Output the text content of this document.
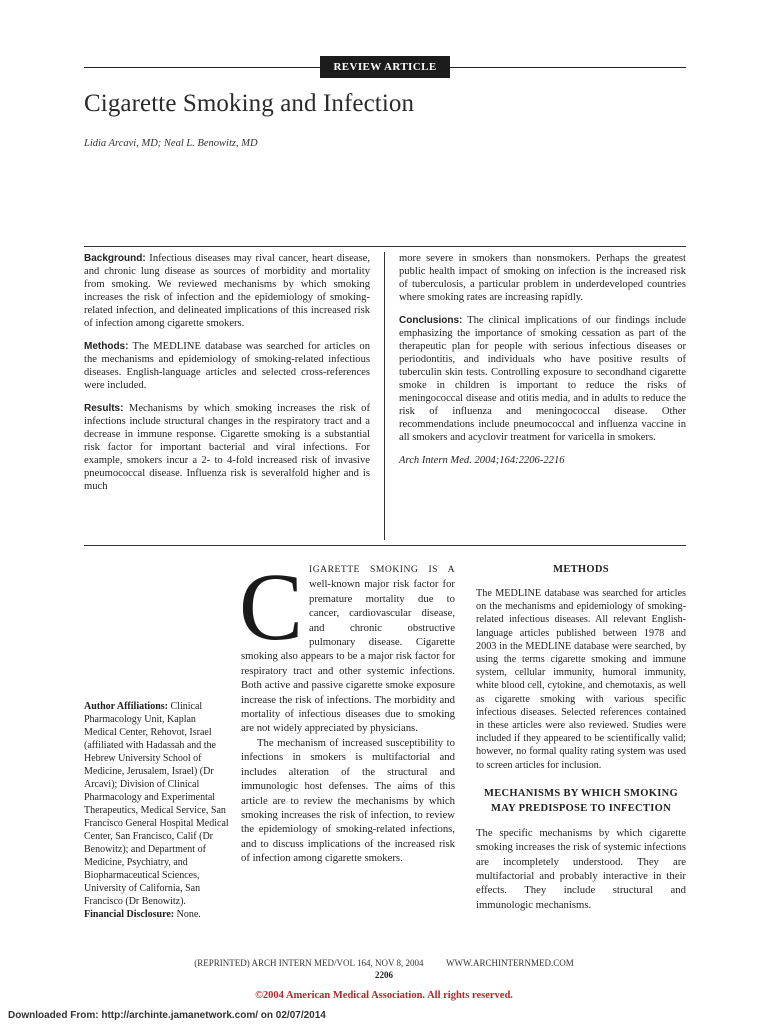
REVIEW ARTICLE
Cigarette Smoking and Infection
Lidia Arcavi, MD; Neal L. Benowitz, MD

Background: Infectious diseases may rival cancer, heart disease, and chronic lung disease as sources of morbidity and mortality from smoking. We reviewed mechanisms by which smoking increases the risk of infection and the epidemiology of smoking-related infection, and delineated implications of this increased risk of infection among cigarette smokers.

Methods: The MEDLINE database was searched for articles on the mechanisms and epidemiology of smoking-related infectious diseases. English-language articles and selected cross-references were included.

Results: Mechanisms by which smoking increases the risk of infections include structural changes in the respiratory tract and a decrease in immune response. Cigarette smoking is a substantial risk factor for important bacterial and viral infections. For example, smokers incur a 2- to 4-fold increased risk of invasive pneumococcal disease. Influenza risk is severalfold higher and is much

more severe in smokers than nonsmokers. Perhaps the greatest public health impact of smoking on infection is the increased risk of tuberculosis, a particular problem in underdeveloped countries where smoking rates are increasing rapidly.

Conclusions: The clinical implications of our findings include emphasizing the importance of smoking cessation as part of the therapeutic plan for people with serious infectious diseases or periodontitis, and individuals who have positive results of tuberculin skin tests. Controlling exposure to secondhand cigarette smoke in children is important to reduce the risks of meningococcal disease and otitis media, and in adults to reduce the risk of influenza and meningococcal disease. Other recommendations include pneumococcal and influenza vaccine in all smokers and acyclovir treatment for varicella in smokers.

Arch Intern Med. 2004;164:2206-2216
Author Affiliations: Clinical Pharmacology Unit, Kaplan Medical Center, Rehovot, Israel (affiliated with Hadassah and the Hebrew University School of Medicine, Jerusalem, Israel) (Dr Arcavi); Division of Clinical Pharmacology and Experimental Therapeutics, Medical Service, San Francisco General Hospital Medical Center, San Francisco, Calif (Dr Benowitz); and Department of Medicine, Psychiatry, and Biopharmaceutical Sciences, University of California, San Francisco (Dr Benowitz).
Financial Disclosure: None.

CIGARETTE SMOKING IS A well-known major risk factor for premature mortality due to cancer, cardiovascular disease, and chronic obstructive pulmonary disease. Cigarette smoking also appears to be a major risk factor for respiratory tract and other systemic infections. Both active and passive cigarette smoke exposure increase the risk of infections. The morbidity and mortality of infectious diseases due to smoking are not widely appreciated by physicians.

The mechanism of increased susceptibility to infections in smokers is multifactorial and includes alteration of the structural and immunologic host defenses. The aims of this article are to review the mechanisms by which smoking increases the risk of infection, to review the epidemiology of smoking-related infections, and to discuss implications of the increased risk of infection among cigarette smokers.

METHODS

The MEDLINE database was searched for articles on the mechanisms and epidemiology of smoking-related infectious diseases. All relevant English-language articles published between 1978 and 2003 in the MEDLINE database were searched, by using the terms cigarette smoking and immune system, cellular immunity, humoral immunity, white blood cell, cytokine, and chemotaxis, as well as cigarette smoking with various specific infectious diseases. Selected references contained in these articles were also reviewed. Studies were included if they appeared to be scientifically valid; however, no formal quality rating system was used to screen articles for inclusion.

MECHANISMS BY WHICH SMOKING MAY PREDISPOSE TO INFECTION

The specific mechanisms by which cigarette smoking increases the risk of systemic infections are incompletely understood. They are multifactorial and probably interactive in their effects. They include structural and immunologic mechanisms.

(REPRINTED) ARCH INTERN MED/VOL 164, NOV 8, 2004	WWW.ARCHINTERNMED.COM
2206
©2004 American Medical Association. All rights reserved.
Downloaded From: http://archinte.jamanetwork.com/ on 02/07/2014
